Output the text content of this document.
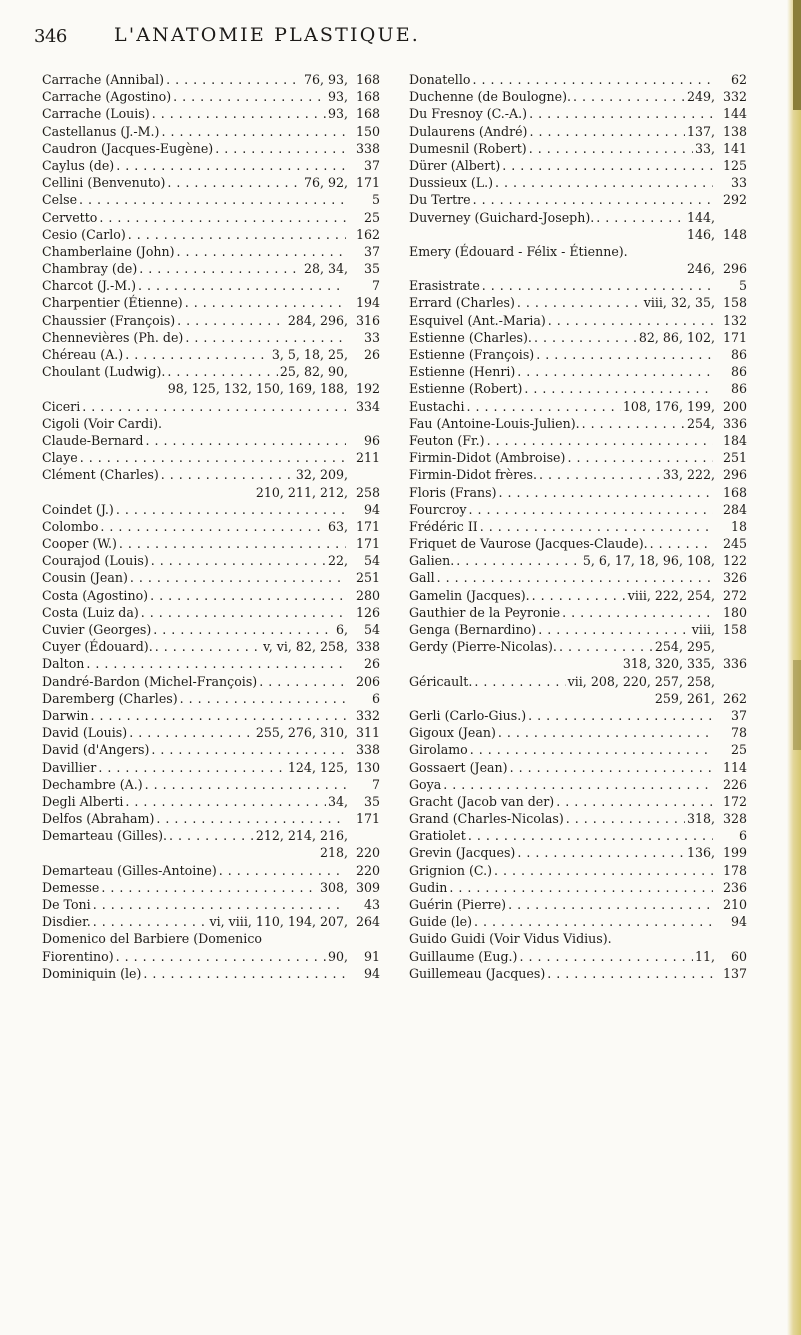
346 L'ANATOMIE PLASTIQUE.
Carrache (Annibal) . . .	76, 93, 168
Carrache (Agostino) . . .	93, 168
Carrache (Louis) . . .	93, 168
Castellanus (J.-M.) . . .	150
Caudron (Jacques-Eugène) . . .	338
Caylus (de) . . .	37
Cellini (Benvenuto) . . .	76, 92, 171
Celse . . .	5
Cervetto . . .	25
Cesio (Carlo) . . .	162
Chamberlaine (John) . . .	37
Chambray (de) . . .	28, 34,	35
Charcot (J.-M.) . . .	7
Charpentier (Étienne) . . .	194
Chaussier (François) . . .	284, 296, 316
Chennevières (Ph. de) . . .	33
Chéreau (A.) . . .	3, 5, 18, 25,	26
Choulant (Ludwig). . . .	25, 82, 90,
98, 125, 132, 150, 169, 188, 192
Ciceri . . .	334
Cigoli (Voir Cardi).
Claude-Bernard . . .	96
Claye . . .	211
Clément (Charles) . . .	32, 209,
210, 211, 212, 258
Coindet (J.) . . .	94
Colombo . . .	63, 171
Cooper (W.) . . .	171
Courajod (Louis) . . .	22,	54
Cousin (Jean) . . .	251
Costa (Agostino) . . .	280
Costa (Luiz da) . . .	126
Cuvier (Georges) . . .	6,	54
Cuyer (Édouard). . . .	v, vi, 82, 258, 338
Dalton . . .	26
Dandré-Bardon (Michel-François) . . .	206
Daremberg (Charles) . . .	6
Darwin . . .	332
David (Louis) . . .	255, 276, 310, 311
David (d'Angers) . . .	338
Davillier . . .	124, 125, 130
Dechambre (A.) . . .	7
Degli Alberti . . .	34,	35
Delfos (Abraham) . . .	171
Demarteau (Gilles). . . .	212, 214, 216,
218, 220
Demarteau (Gilles-Antoine) . . .	220
Demesse . . .	308, 309
De Toni . . .	43
Disdier. . . .	vi, viii, 110, 194, 207, 264
Domenico del Barbiere (Domenico
Fiorentino) . . .	90,	91
Dominiquin (le) . . .	94
Donatello . . .	62
Duchenne (de Boulogne). . . .	249, 332
Du Fresnoy (C.-A.) . . .	144
Dulaurens (André) . . .	137, 138
Dumesnil (Robert) . . .	33, 141
Dürer (Albert) . . .	125
Dussieux (L.) . . .	33
Du Tertre . . .	292
Duverney (Guichard-Joseph). . . .	144,
146, 148
Emery (Édouard - Félix - Étienne).
246, 296
Erasistrate . . .	5
Errard (Charles) . . .	viii, 32, 35, 158
Esquivel (Ant.-Maria) . . .	132
Estienne (Charles). . . .	82, 86, 102, 171
Estienne (François) . . .	86
Estienne (Henri) . . .	86
Estienne (Robert) . . .	86
Eustachi . . .	108, 176, 199, 200
Fau (Antoine-Louis-Julien). . . .	254, 336
Feuton (Fr.) . . .	184
Firmin-Didot (Ambroise) . . .	251
Firmin-Didot frères. . . .	33, 222, 296
Floris (Frans) . . .	168
Fourcroy . . .	284
Frédéric II . . .	18
Friquet de Vaurose (Jacques-Claude). . . .	245
Galien. . . .	5, 6, 17, 18, 96, 108, 122
Gall . . .	326
Gamelin (Jacques). . . .	viii, 222, 254, 272
Gauthier de la Peyronie . . .	180
Genga (Bernardino) . . .	viii, 158
Gerdy (Pierre-Nicolas). . . .	254, 295,
318, 320, 335, 336
Géricault. . . .	vii, 208, 220, 257, 258,
259, 261, 262
Gerli (Carlo-Gius.) . . .	37
Gigoux (Jean) . . .	78
Girolamo . . .	25
Gossaert (Jean) . . .	114
Goya . . .	226
Gracht (Jacob van der) . . .	172
Grand (Charles-Nicolas) . . .	318, 328
Gratiolet . . .	6
Grevin (Jacques) . . .	136, 199
Grignion (C.) . . .	178
Gudin . . .	236
Guérin (Pierre) . . .	210
Guide (le) . . .	94
Guido Guidi (Voir Vidus Vidius).
Guillaume (Eug.) . . .	11,	60
Guillemeau (Jacques) . . .	137
